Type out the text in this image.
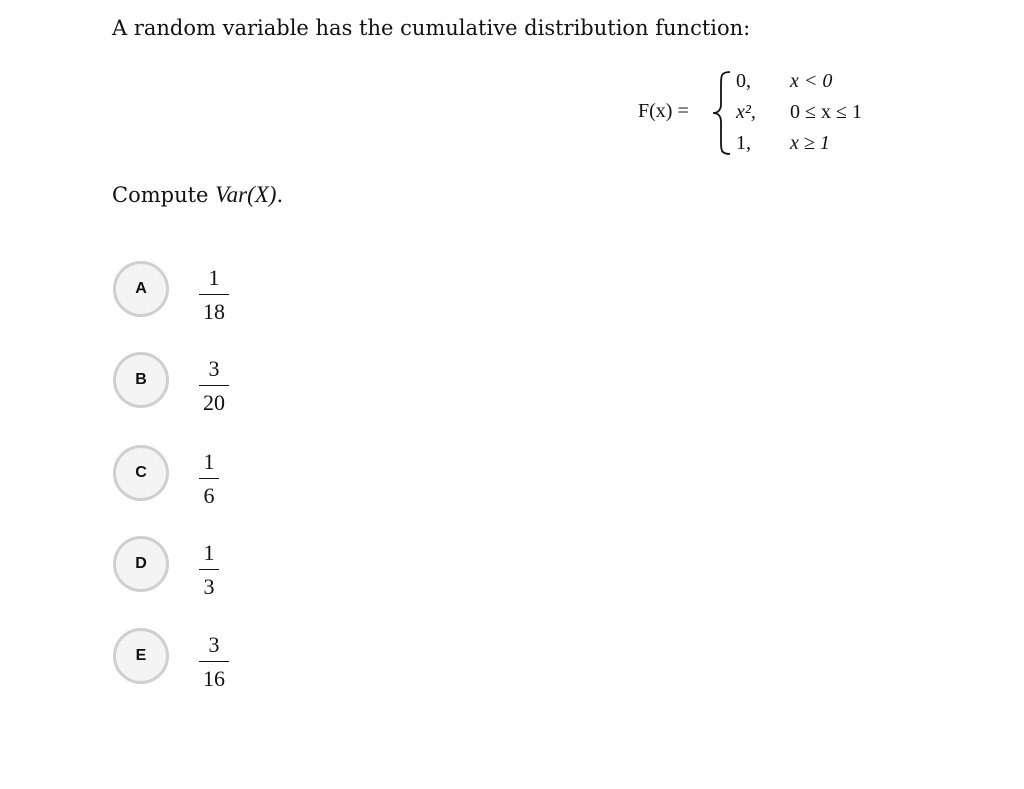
A random variable has the cumulative distribution function:
F(x) =
0, x < 0
x², 0 ≤ x ≤ 1
1, x ≥ 1

Compute Var(X).

A	1
18
B	3
20
C	1
6
D	1
3
E	3
16
